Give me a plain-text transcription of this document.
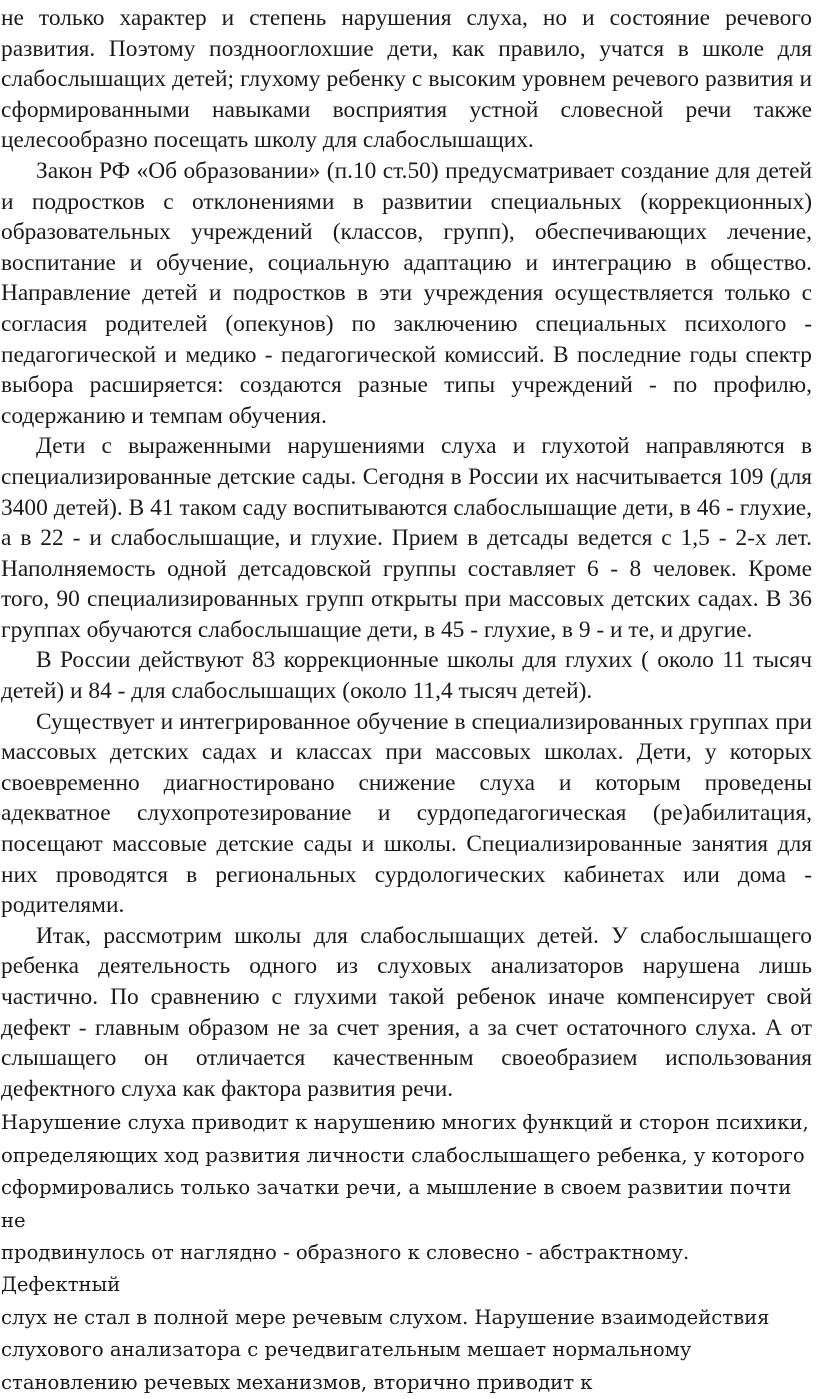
не только характер и степень нарушения слуха, но и состояние речевого развития. Поэтому позднооглохшие дети, как правило, учатся в школе для слабослышащих детей; глухому ребенку с высоким уровнем речевого развития и сформированными навыками восприятия устной словесной речи также целесообразно посещать школу для слабослышащих.

Закон РФ «Об образовании» (п.10 ст.50) предусматривает создание для детей и подростков с отклонениями в развитии специальных (коррекционных) образовательных учреждений (классов, групп), обеспечивающих лечение, воспитание и обучение, социальную адаптацию и интеграцию в общество. Направление детей и подростков в эти учреждения осуществляется только с согласия родителей (опекунов) по заключению специальных психолого - педагогической и медико - педагогической комиссий. В последние годы спектр выбора расширяется: создаются разные типы учреждений - по профилю, содержанию и темпам обучения.

Дети с выраженными нарушениями слуха и глухотой направляются в специализированные детские сады. Сегодня в России их насчитывается 109 (для 3400 детей). В 41 таком саду воспитываются слабослышащие дети, в 46 - глухие, а в 22 - и слабослышащие, и глухие. Прием в детсады ведется с 1,5 - 2-х лет. Наполняемость одной детсадовской группы составляет 6 - 8 человек. Кроме того, 90 специализированных групп открыты при массовых детских садах. В 36 группах обучаются слабослышащие дети, в 45 - глухие, в 9 - и те, и другие.

В России действуют 83 коррекционные школы для глухих ( около 11 тысяч детей) и 84 - для слабослышащих (около 11,4 тысяч детей).

Существует и интегрированное обучение в специализированных группах при массовых детских садах и классах при массовых школах. Дети, у которых своевременно диагностировано снижение слуха и которым проведены адекватное слухопротезирование и сурдопедагогическая (ре)абилитация, посещают массовые детские сады и школы. Специализированные занятия для них проводятся в региональных сурдологических кабинетах или дома - родителями.

Итак, рассмотрим школы для слабослышащих детей. У слабослышащего ребенка деятельность одного из слуховых анализаторов нарушена лишь частично. По сравнению с глухими такой ребенок иначе компенсирует свой дефект - главным образом не за счет зрения, а за счет остаточного слуха. А от слышащего он отличается качественным своеобразием использования дефектного слуха как фактора развития речи.

Нарушение слуха приводит к нарушению многих функций и сторон психики,

определяющих ход развития личности слабослышащего ребенка, у которого

сформировались только зачатки речи, а мышление в своем развитии почти не

продвинулось от наглядно - образного к словесно - абстрактному. Дефектный

слух не стал в полной мере речевым слухом. Нарушение взаимодействия

слухового анализатора с речедвигательным мешает нормальному

становлению речевых механизмов, вторично приводит к
